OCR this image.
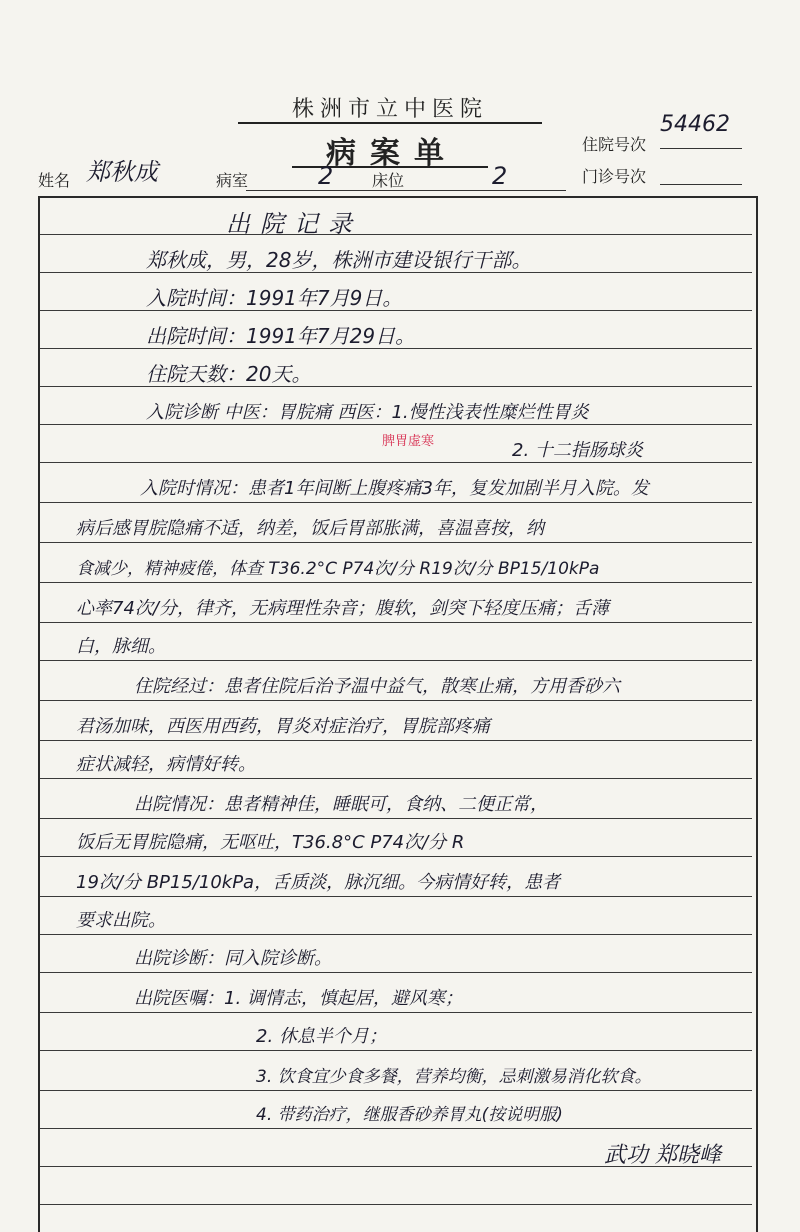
株洲市立中医院
病案单	住院号次
54462
姓名 郑秋成	病室	2 床位	2	门诊号次
出院记录
郑秋成，男，28岁，株洲市建设银行干部。
入院时间：1991年7月9日。
出院时间：1991年7月29日。
住院天数：20天。
入院诊断 中医：胃脘痛 西医：1.慢性浅表性糜烂性胃炎
脾胃虚寒	2. 十二指肠球炎
入院时情况：患者1年间断上腹疼痛3年，复发加剧半月入院。发
病后感胃脘隐痛不适，纳差，饭后胃部胀满，喜温喜按，纳
食减少，精神疲倦，体查 T36.2°C P74次/分 R19次/分 BP15/10kPa
心率74次/分，律齐，无病理性杂音；腹软，剑突下轻度压痛；舌薄
白，脉细。
住院经过：患者住院后治予温中益气，散寒止痛，方用香砂六
君汤加味，西医用西药，胃炎对症治疗，胃脘部疼痛
症状减轻，病情好转。
出院情况：患者精神佳，睡眠可，食纳、二便正常，
饭后无胃脘隐痛，无呕吐，T36.8°C P74次/分 R
19次/分 BP15/10kPa，舌质淡，脉沉细。今病情好转，患者
要求出院。
出院诊断：同入院诊断。
出院医嘱：1. 调情志，慎起居，避风寒；
2. 休息半个月；
3. 饮食宜少食多餐，营养均衡，忌刺激易消化软食。
4. 带药治疗，继服香砂养胃丸(按说明服)
武功 郑晓峰
